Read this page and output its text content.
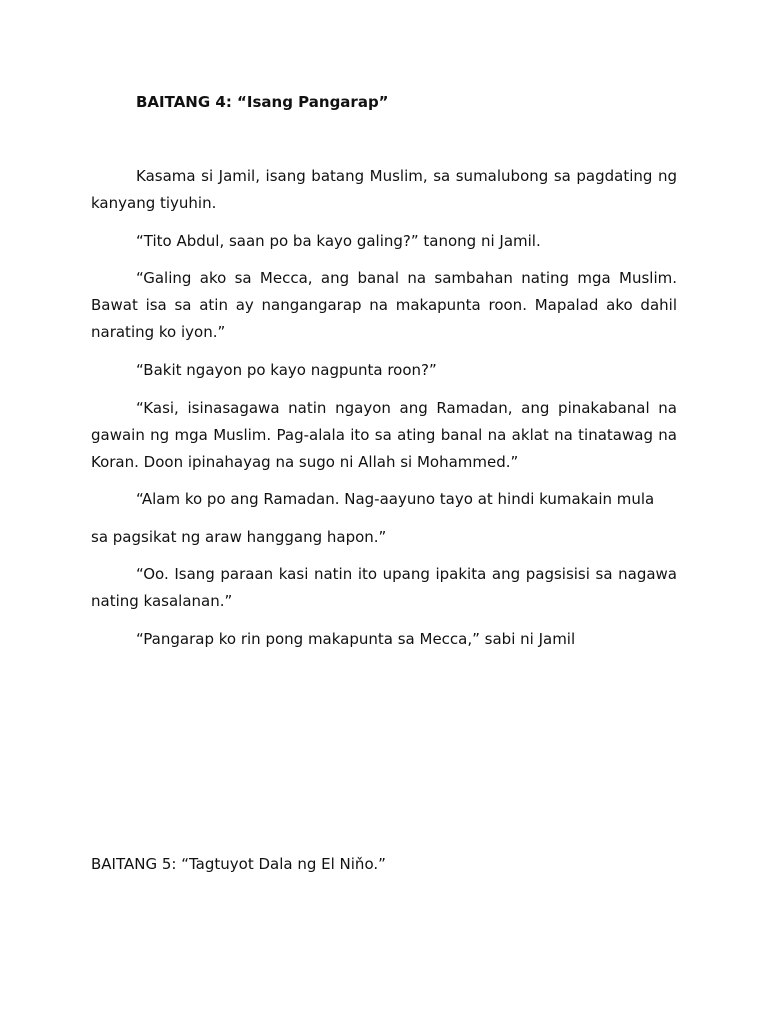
BAITANG 4: “Isang Pangarap”

Kasama si Jamil, isang batang Muslim, sa sumalubong sa pagdating ng kanyang tiyuhin.

“Tito Abdul, saan po ba kayo galing?” tanong ni Jamil.

“Galing ako sa Mecca, ang banal na sambahan nating mga Muslim. Bawat isa sa atin ay nangangarap na makapunta roon. Mapalad ako dahil narating ko iyon.”

“Bakit ngayon po kayo nagpunta roon?”

“Kasi, isinasagawa natin ngayon ang Ramadan, ang pinakabanal na gawain ng mga Muslim. Pag-alala ito sa ating banal na aklat na tinatawag na Koran. Doon ipinahayag na sugo ni Allah si Mohammed.”

“Alam ko po ang Ramadan. Nag-aayuno tayo at hindi kumakain mula

sa pagsikat ng araw hanggang hapon.”

“Oo. Isang paraan kasi natin ito upang ipakita ang pagsisisi sa nagawa nating kasalanan.”

“Pangarap ko rin pong makapunta sa Mecca,” sabi ni Jamil

BAITANG 5: “Tagtuyot Dala ng El Niňo.”
